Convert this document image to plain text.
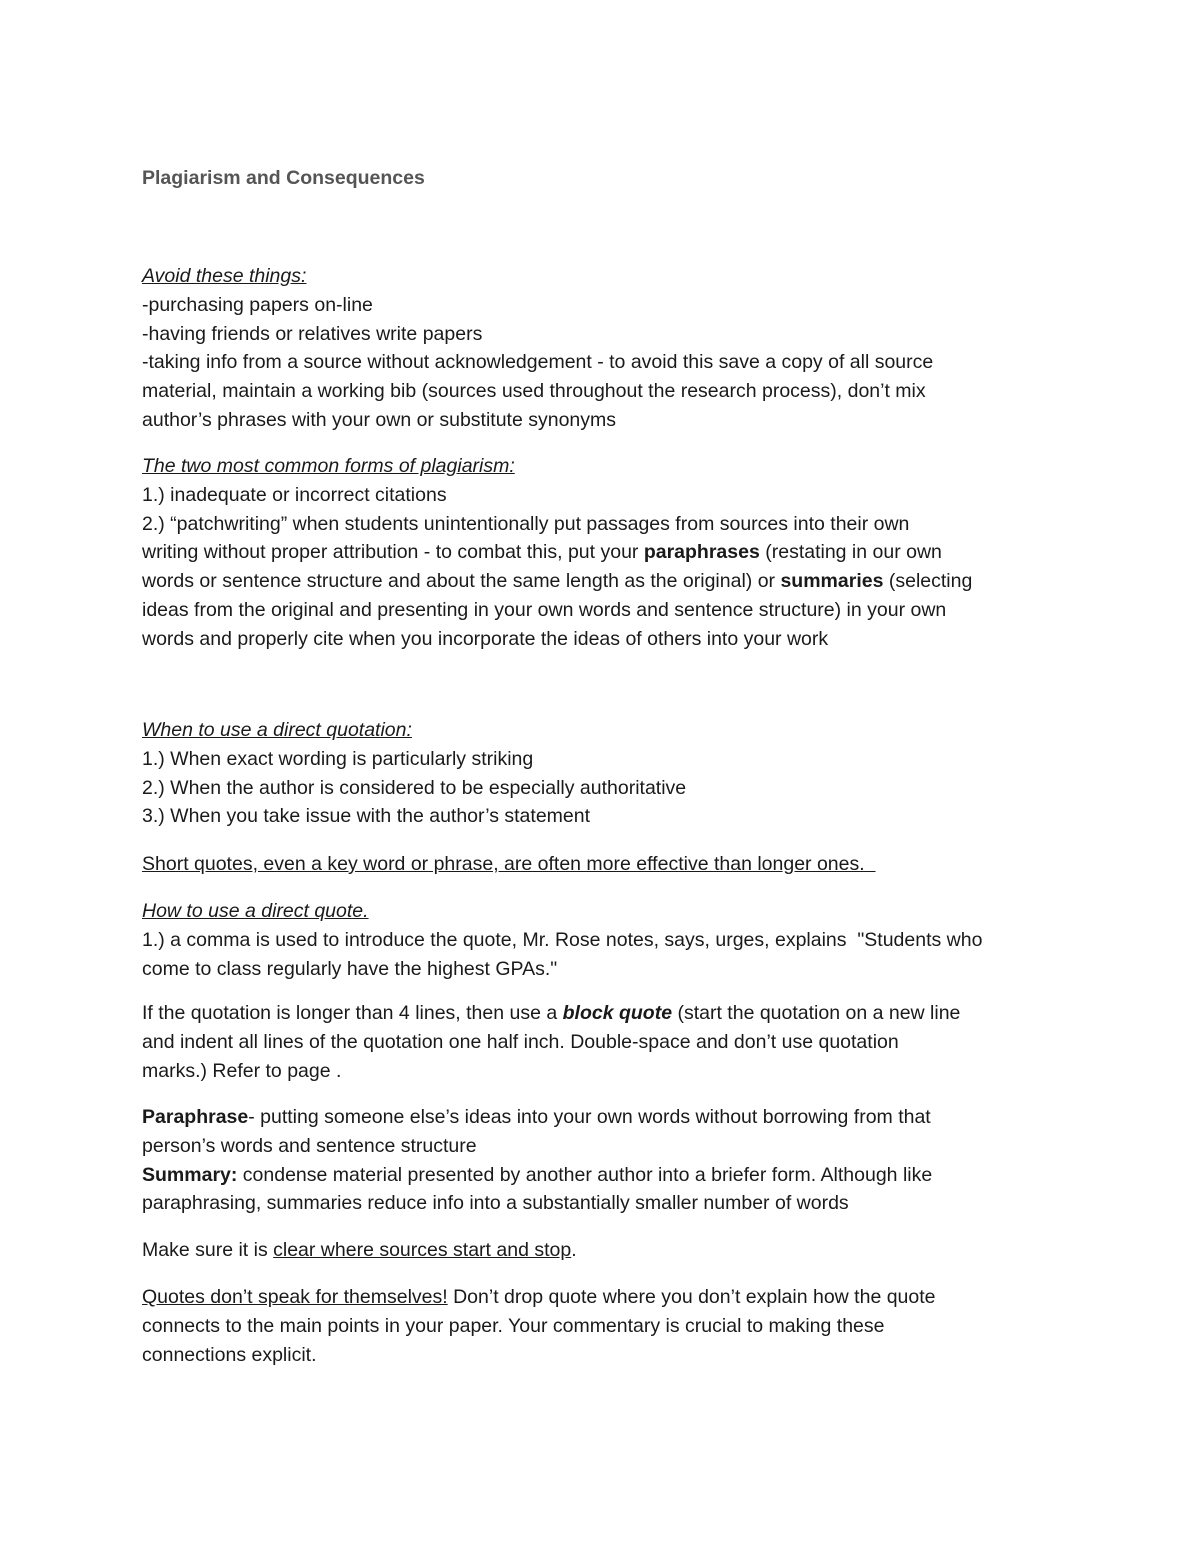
Plagiarism and Consequences
Avoid these things:
-purchasing papers on-line
-having friends or relatives write papers
-taking info from a source without acknowledgement - to avoid this save a copy of all source
material, maintain a working bib (sources used throughout the research process), don’t mix
author’s phrases with your own or substitute synonyms
The two most common forms of plagiarism:
1.) inadequate or incorrect citations
2.) “patchwriting” when students unintentionally put passages from sources into their own
writing without proper attribution - to combat this, put your paraphrases (restating in our own
words or sentence structure and about the same length as the original) or summaries (selecting
ideas from the original and presenting in your own words and sentence structure) in your own
words and properly cite when you incorporate the ideas of others into your work
When to use a direct quotation:
1.) When exact wording is particularly striking
2.) When the author is considered to be especially authoritative
3.) When you take issue with the author’s statement
Short quotes, even a key word or phrase, are often more effective than longer ones.
How to use a direct quote.
1.) a comma is used to introduce the quote, Mr. Rose notes, says, urges, explains  "Students who
come to class regularly have the highest GPAs."
If the quotation is longer than 4 lines, then use a block quote (start the quotation on a new line
and indent all lines of the quotation one half inch. Double-space and don’t use quotation
marks.) Refer to page .
Paraphrase- putting someone else’s ideas into your own words without borrowing from that
person’s words and sentence structure
Summary: condense material presented by another author into a briefer form. Although like
paraphrasing, summaries reduce info into a substantially smaller number of words
Make sure it is clear where sources start and stop.
Quotes don’t speak for themselves! Don’t drop quote where you don’t explain how the quote
connects to the main points in your paper. Your commentary is crucial to making these
connections explicit.
